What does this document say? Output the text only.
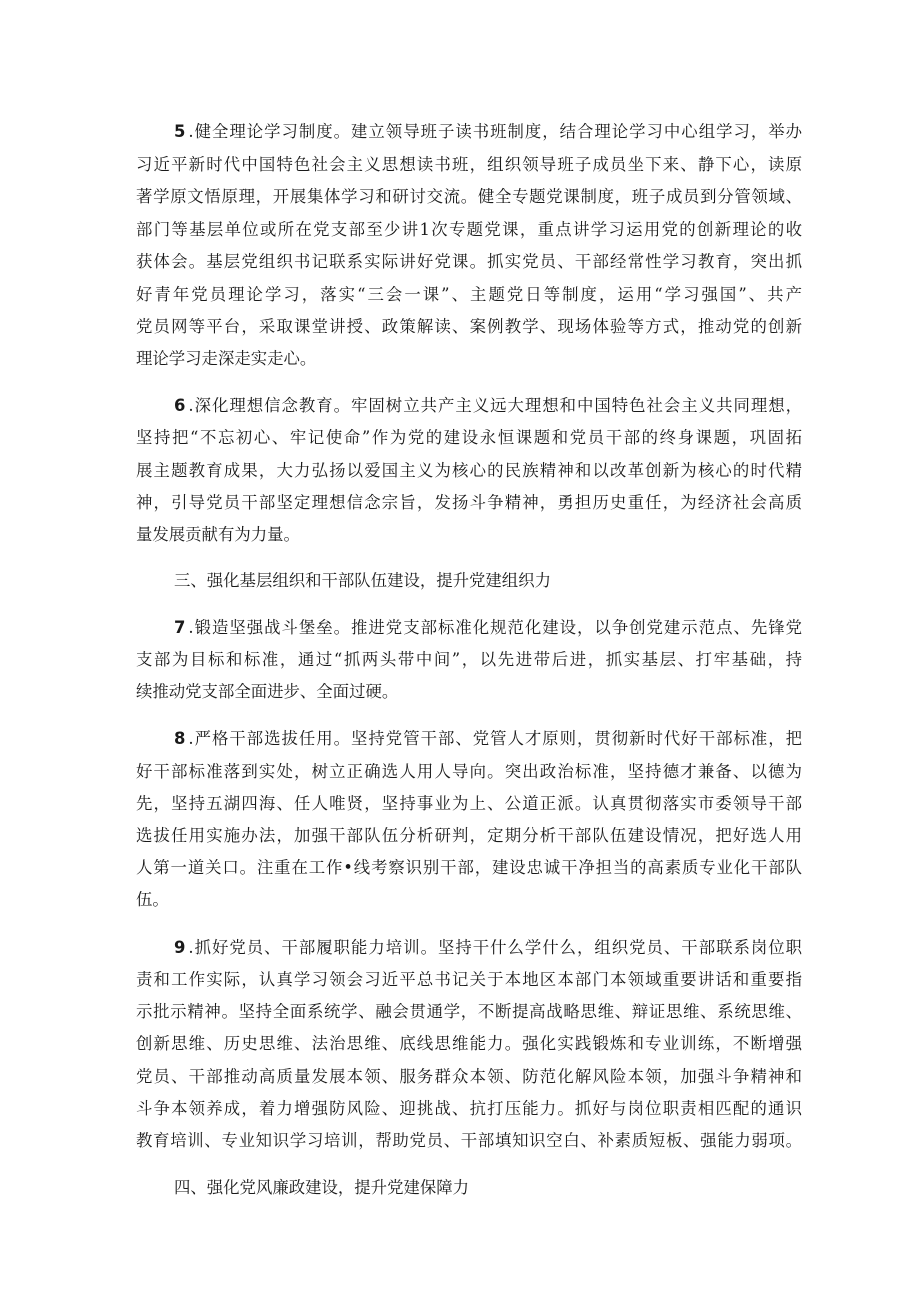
5 .健全理论学习制度。建立领导班子读书班制度，结合理论学习中心组学习，举办
习近平新时代中国特色社会主义思想读书班，组织领导班子成员坐下来、静下心，读原
著学原文悟原理，开展集体学习和研讨交流。健全专题党课制度，班子成员到分管领域、
部门等基层单位或所在党支部至少讲1次专题党课，重点讲学习运用党的创新理论的收
获体会。基层党组织书记联系实际讲好党课。抓实党员、干部经常性学习教育，突出抓
好青年党员理论学习，落实“三会一课”、主题党日等制度，运用“学习强国”、共产
党员网等平台，采取课堂讲授、政策解读、案例教学、现场体验等方式，推动党的创新
理论学习走深走实走心。
6 .深化理想信念教育。牢固树立共产主义远大理想和中国特色社会主义共同理想，
坚持把“不忘初心、牢记使命”作为党的建设永恒课题和党员干部的终身课题，巩固拓
展主题教育成果，大力弘扬以爱国主义为核心的民族精神和以改革创新为核心的时代精
神，引导党员干部坚定理想信念宗旨，发扬斗争精神，勇担历史重任，为经济社会高质
量发展贡献有为力量。
三、强化基层组织和干部队伍建设，提升党建组织力
7 .锻造坚强战斗堡垒。推进党支部标准化规范化建设，以争创党建示范点、先锋党
支部为目标和标准，通过“抓两头带中间”，以先进带后进，抓实基层、打牢基础，持
续推动党支部全面进步、全面过硬。
8 .严格干部选拔任用。坚持党管干部、党管人才原则，贯彻新时代好干部标准，把
好干部标准落到实处，树立正确选人用人导向。突出政治标准，坚持德才兼备、以德为
先，坚持五湖四海、任人唯贤，坚持事业为上、公道正派。认真贯彻落实市委领导干部
选拔任用实施办法，加强干部队伍分析研判，定期分析干部队伍建设情况，把好选人用
人第一道关口。注重在工作•线考察识别干部，建设忠诚干净担当的高素质专业化干部队
伍。
9 .抓好党员、干部履职能力培训。坚持干什么学什么，组织党员、干部联系岗位职
责和工作实际，认真学习领会习近平总书记关于本地区本部门本领域重要讲话和重要指
示批示精神。坚持全面系统学、融会贯通学，不断提高战略思维、辩证思维、系统思维、
创新思维、历史思维、法治思维、底线思维能力。强化实践锻炼和专业训练，不断增强
党员、干部推动高质量发展本领、服务群众本领、防范化解风险本领，加强斗争精神和
斗争本领养成，着力增强防风险、迎挑战、抗打压能力。抓好与岗位职责相匹配的通识
教育培训、专业知识学习培训，帮助党员、干部填知识空白、补素质短板、强能力弱项。
四、强化党风廉政建设，提升党建保障力
